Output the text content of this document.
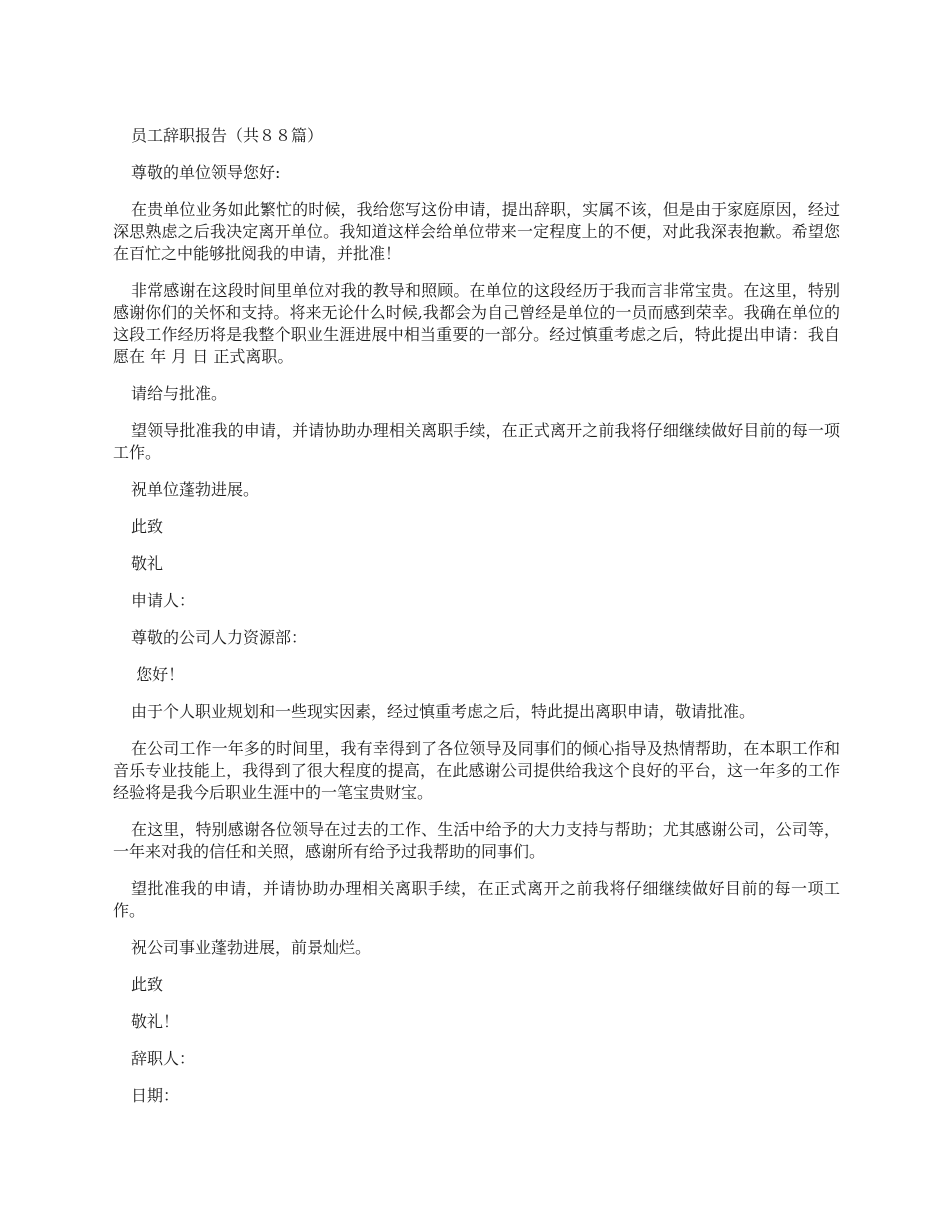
员工辞职报告（共８８篇）

尊敬的单位领导您好:

在贵单位业务如此繁忙的时候，我给您写这份申请，提出辞职，实属不该，但是由于家庭原因，经过深思熟虑之后我决定离开单位。我知道这样会给单位带来一定程度上的不便，对此我深表抱歉。希望您在百忙之中能够批阅我的申请，并批准！

非常感谢在这段时间里单位对我的教导和照顾。在单位的这段经历于我而言非常宝贵。在这里，特别感谢你们的关怀和支持。将来无论什么时候,我都会为自己曾经是单位的一员而感到荣幸。我确在单位的这段工作经历将是我整个职业生涯进展中相当重要的一部分。经过慎重考虑之后，特此提出申请：我自愿在 年 月 日 正式离职。

请给与批准。

望领导批准我的申请，并请协助办理相关离职手续，在正式离开之前我将仔细继续做好目前的每一项工作。

祝单位蓬勃进展。

此致

敬礼

申请人：

尊敬的公司人力资源部：

您好！

由于个人职业规划和一些现实因素，经过慎重考虑之后，特此提出离职申请，敬请批准。

在公司工作一年多的时间里，我有幸得到了各位领导及同事们的倾心指导及热情帮助，在本职工作和音乐专业技能上，我得到了很大程度的提高，在此感谢公司提供给我这个良好的平台，这一年多的工作经验将是我今后职业生涯中的一笔宝贵财宝。

在这里，特别感谢各位领导在过去的工作、生活中给予的大力支持与帮助；尤其感谢公司，公司等，一年来对我的信任和关照，感谢所有给予过我帮助的同事们。

望批准我的申请，并请协助办理相关离职手续，在正式离开之前我将仔细继续做好目前的每一项工作。

祝公司事业蓬勃进展，前景灿烂。

此致

敬礼！

辞职人：

日期：
